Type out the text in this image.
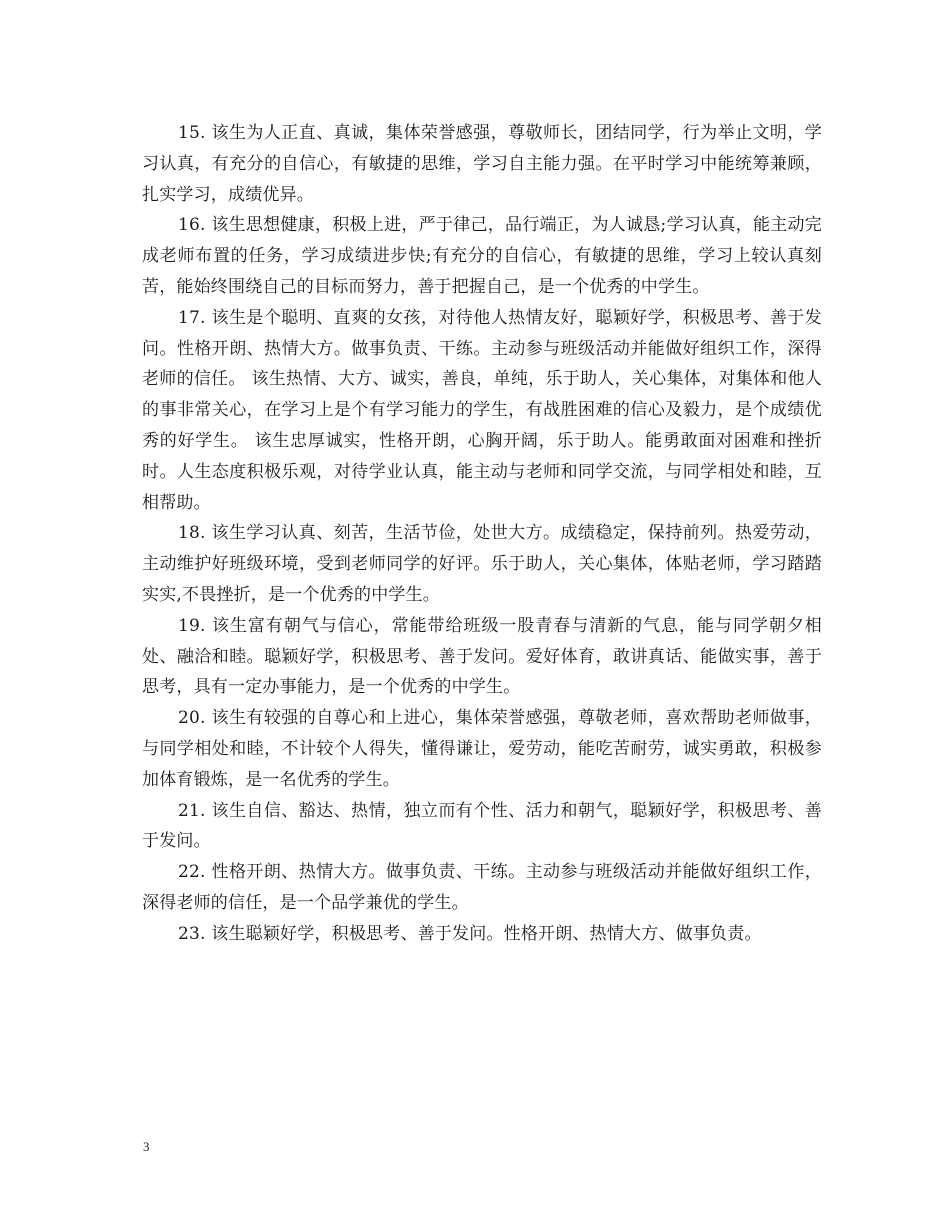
15. 该生为人正直、真诚，集体荣誉感强，尊敬师长，团结同学，行为举止文明，学习认真，有充分的自信心，有敏捷的思维，学习自主能力强。在平时学习中能统筹兼顾，扎实学习，成绩优异。

16. 该生思想健康，积极上进，严于律己，品行端正，为人诚恳;学习认真，能主动完成老师布置的任务，学习成绩进步快;有充分的自信心，有敏捷的思维，学习上较认真刻苦，能始终围绕自己的目标而努力，善于把握自己，是一个优秀的中学生。

17. 该生是个聪明、直爽的女孩，对待他人热情友好，聪颖好学，积极思考、善于发问。性格开朗、热情大方。做事负责、干练。主动参与班级活动并能做好组织工作，深得老师的信任。 该生热情、大方、诚实，善良，单纯，乐于助人，关心集体，对集体和他人的事非常关心，在学习上是个有学习能力的学生，有战胜困难的信心及毅力，是个成绩优秀的好学生。 该生忠厚诚实，性格开朗，心胸开阔，乐于助人。能勇敢面对困难和挫折时。人生态度积极乐观，对待学业认真，能主动与老师和同学交流，与同学相处和睦，互相帮助。

18. 该生学习认真、刻苦，生活节俭，处世大方。成绩稳定，保持前列。热爱劳动，主动维护好班级环境，受到老师同学的好评。乐于助人，关心集体，体贴老师，学习踏踏实实,不畏挫折，是一个优秀的中学生。

19. 该生富有朝气与信心，常能带给班级一股青春与清新的气息，能与同学朝夕相处、融洽和睦。聪颖好学，积极思考、善于发问。爱好体育，敢讲真话、能做实事，善于思考，具有一定办事能力，是一个优秀的中学生。

20. 该生有较强的自尊心和上进心，集体荣誉感强，尊敬老师，喜欢帮助老师做事，与同学相处和睦，不计较个人得失，懂得谦让，爱劳动，能吃苦耐劳，诚实勇敢，积极参加体育锻炼，是一名优秀的学生。

21. 该生自信、豁达、热情，独立而有个性、活力和朝气，聪颖好学，积极思考、善于发问。

22. 性格开朗、热情大方。做事负责、干练。主动参与班级活动并能做好组织工作，深得老师的信任，是一个品学兼优的学生。

23. 该生聪颖好学，积极思考、善于发问。性格开朗、热情大方、做事负责。

3
